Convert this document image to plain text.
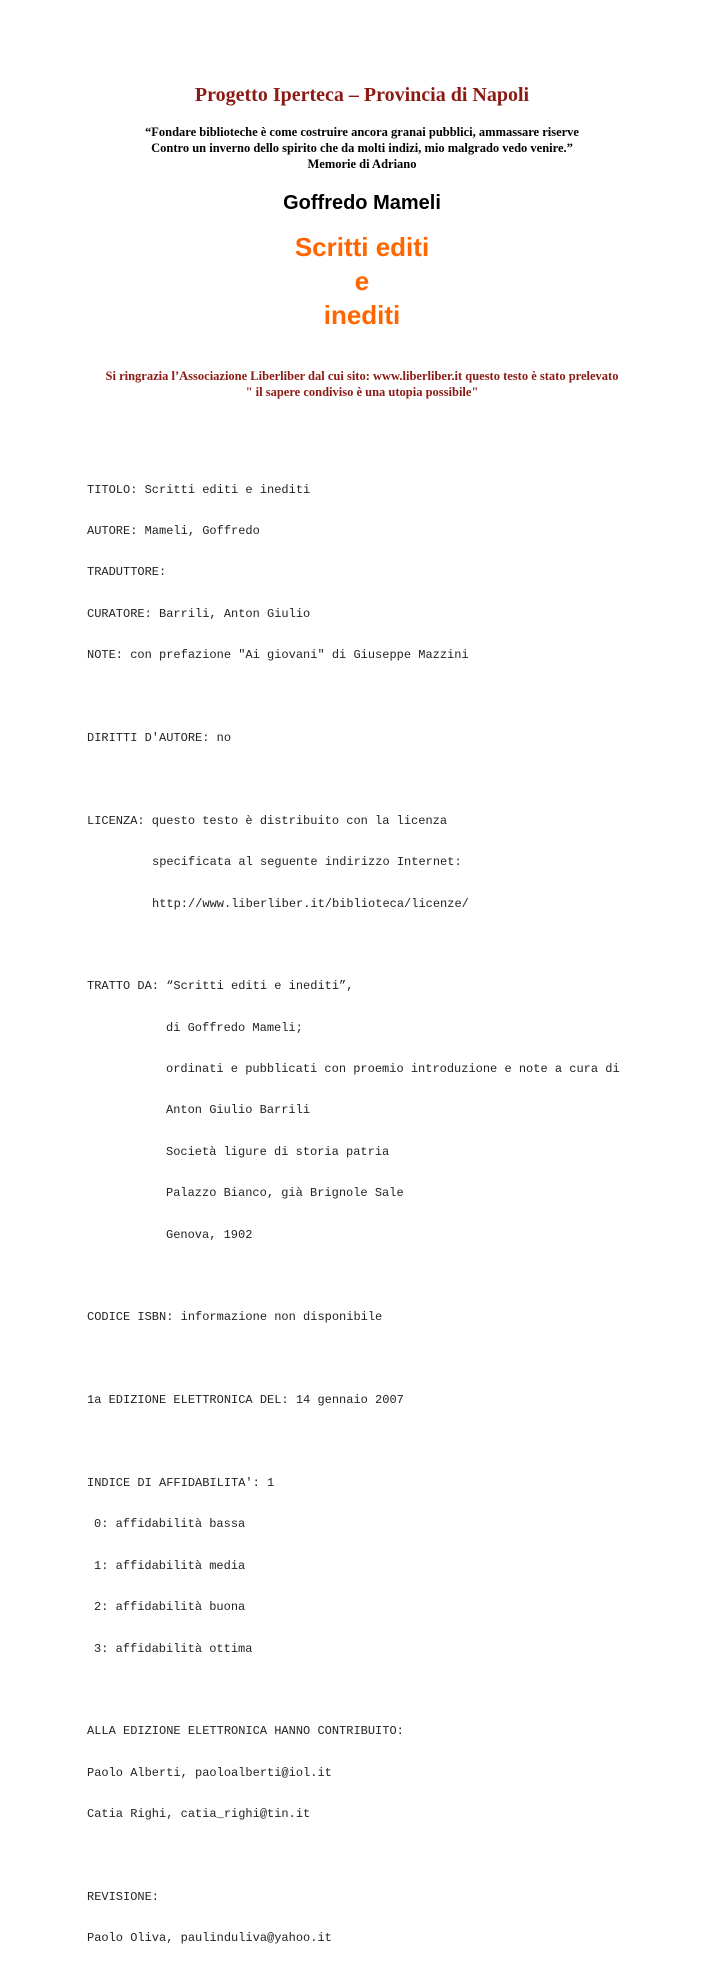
Progetto Iperteca – Provincia di Napoli
“Fondare biblioteche è come costruire ancora granai pubblici, ammassare riserve
Contro un inverno dello spirito che da molti indizi, mio malgrado vedo venire.”
Memorie di Adriano
Goffredo Mameli
Scritti editi
e
inediti
Si ringrazia l’Associazione Liberliber dal cui sito: www.liberliber.it questo testo è stato prelevato
" il sapere condiviso è una utopia possibile"

TITOLO: Scritti editi e inediti

AUTORE: Mameli, Goffredo

TRADUTTORE:

CURATORE: Barrili, Anton Giulio

NOTE: con prefazione "Ai giovani" di Giuseppe Mazzini

DIRITTI D'AUTORE: no

LICENZA: questo testo è distribuito con la licenza

specificata al seguente indirizzo Internet:

http://www.liberliber.it/biblioteca/licenze/

TRATTO DA: “Scritti editi e inediti”,

di Goffredo Mameli;

ordinati e pubblicati con proemio introduzione e note a cura di

Anton Giulio Barrili

Società ligure di storia patria

Palazzo Bianco, già Brignole Sale

Genova, 1902

CODICE ISBN: informazione non disponibile

1a EDIZIONE ELETTRONICA DEL: 14 gennaio 2007

INDICE DI AFFIDABILITA': 1

0: affidabilità bassa

1: affidabilità media

2: affidabilità buona

3: affidabilità ottima

ALLA EDIZIONE ELETTRONICA HANNO CONTRIBUITO:

Paolo Alberti, paoloalberti@iol.it

Catia Righi, catia_righi@tin.it

REVISIONE:

Paolo Oliva, paulinduliva@yahoo.it
